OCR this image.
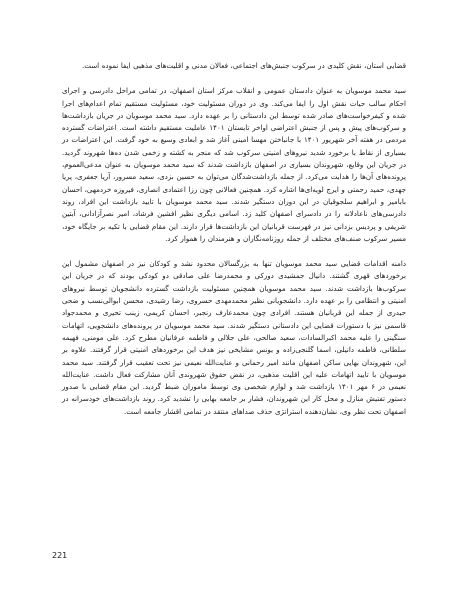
قضایی استان، نقش کلیدی در سرکوب جنبش‌های اجتماعی، فعالان مدنی و اقلیت‌های مذهبی ایفا نموده است.

سید محمد موسویان به عنوان دادستان عمومی و انقلاب مرکز استان اصفهان، در تمامی مراحل دادرسی و اجرای احکام سالب حیات نقش اول را ایفا می‌کند. وی در دوران مسئولیت خود، مسئولیت مستقیم تمام اعدام‌های اجرا شده و کیفرخواست‌های صادر شده توسط این دادستانی را بر عهده دارد. سید محمد موسویان در جریان بازداشت‌ها و سرکوب‌های پیش و پس از جنبش اعتراضی اواخر تابستان ۱۴۰۱ عاملیت مستقیم داشته است. اعتراضات گسترده مردمی در هفته آخر شهریور ۱۴۰۱ با جانباختن مهسا امینی آغاز شد و ابعادی وسیع به خود گرفت. این اعتراضات در بسیاری از نقاط با برخورد شدید نیروهای امنیتی سرکوب شد که منجر به کشته و زخمی شدن ده‌ها شهروند گردید. در جریان این وقایع، شهروندان بسیاری در اصفهان بازداشت شدند که سید محمد موسویان به عنوان مدعی‌العموم، پرونده‌های آن‌ها را هدایت می‌کرد. از جمله بازداشت‌شدگان می‌توان به حسین بزدی، سعید مسرور، آریا جعفری، پریا جهدی، حمید رحمتی و ایرج لویه‌ای‌ها اشاره کرد. همچنین فعالانی چون رزا اعتمادی انصاری، فیروزه خردمهی، احسان بابامیر و ابراهیم سلجوقیان در این دوران دستگیر شدند. سید محمد موسویان با تایید بازداشت این افراد، روند دادرسی‌های ناعادلانه را در دادسرای اصفهان کلید زد. اسامی دیگری نظیر افشین فرشاد، امیر نصرآزادانی، آبتین شریفی و پردیس بزدانی نیز در فهرست قربانیان این بازداشت‌ها قرار دارند. این مقام قضایی با تکیه بر جایگاه خود، مسیر سرکوب صنف‌های مختلف از جمله روزنامه‌نگاران و هنرمندان را هموار کرد.

دامنه اقدامات قضایی سید محمد موسویان تنها به بزرگسالان محدود نشد و کودکان نیز در اصفهان مشمول این برخوردهای قهری گشتند. دانیال جمشیدی دورکی و محمدرضا علی صادقی دو کودکی بودند که در جریان این سرکوب‌ها بازداشت شدند. سید محمد موسویان همچنین مسئولیت بازداشت گسترده دانشجویان توسط نیروهای امنیتی و انتظامی را بر عهده دارد. دانشجویانی نظیر محمدمهدی حسروی، رضا رشیدی، محسن ابوالی‌نسب و ضحی حیدری از جمله این قربانیان هستند. افرادی چون محمدعارف رنجبر، احسان کریمی، زینب تحیری و محمدجواد قاسمی نیز با دستورات قضایی این دادستانی دستگیر شدند. سید محمد موسویان در پرونده‌های دانشجویی، اتهامات سنگینی را علیه محمد اکبرالسادات، سعید صالحی، علی جلالی و فاطمه عرفانیان مطرح کرد. علی مومنی، فهیمه سلطانی، فاطمه دانیلی، اسما گلنجی‌زاده و یونس مشایخی نیز هدف این برخوردهای امنیتی قرار گرفتند. علاوه بر این، شهروندان بهایی ساکن اصفهان مانند امیر رحمانی و عنایت‌الله نعیمی نیز تحت تعقیب قرار گرفتند. سید محمد موسویان با تایید اتهامات علیه این اقلیت مذهبی، در نقض حقوق شهروندی آنان مشارکت فعال داشت. عنایت‌الله نعیمی در ۶ مهر ۱۴۰۱ بازداشت شد و لوازم شخصی وی توسط ماموران ضبط گردید. این مقام قضایی با صدور دستور تفتیش منازل و محل کار این شهروندان، فشار بر جامعه بهایی را تشدید کرد. روند بازداشت‌های خودسرانه در اصفهان تحت نظر وی، نشان‌دهنده استراتژی حذف صداهای منتقد در تمامی اقشار جامعه است.

221
